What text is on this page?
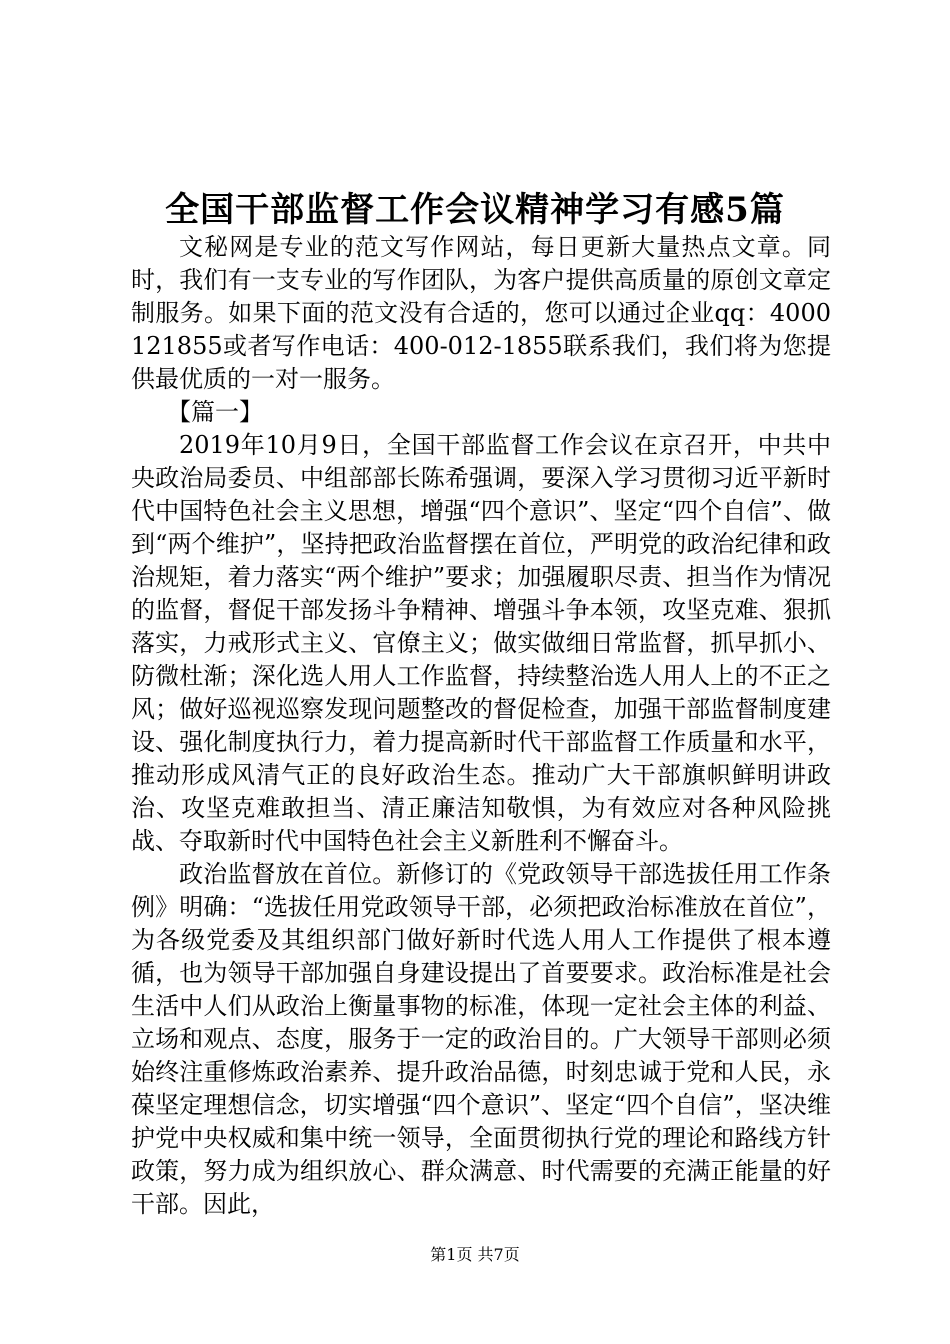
全国干部监督工作会议精神学习有感5篇

文秘网是专业的范文写作网站，每日更新大量热点文章。同时，我们有一支专业的写作团队，为客户提供高质量的原创文章定制服务。如果下面的范文没有合适的，您可以通过企业qq：4000121855或者写作电话：400-012-1855联系我们，我们将为您提供最优质的一对一服务。

【篇一】

2019年10月9日，全国干部监督工作会议在京召开，中共中央政治局委员、中组部部长陈希强调，要深入学习贯彻习近平新时代中国特色社会主义思想，增强“四个意识”、坚定“四个自信”、做到“两个维护”，坚持把政治监督摆在首位，严明党的政治纪律和政治规矩，着力落实“两个维护”要求；加强履职尽责、担当作为情况的监督，督促干部发扬斗争精神、增强斗争本领，攻坚克难、狠抓落实，力戒形式主义、官僚主义；做实做细日常监督，抓早抓小、防微杜渐；深化选人用人工作监督，持续整治选人用人上的不正之风；做好巡视巡察发现问题整改的督促检查，加强干部监督制度建设、强化制度执行力，着力提高新时代干部监督工作质量和水平，推动形成风清气正的良好政治生态。推动广大干部旗帜鲜明讲政治、攻坚克难敢担当、清正廉洁知敬惧，为有效应对各种风险挑战、夺取新时代中国特色社会主义新胜利不懈奋斗。

政治监督放在首位。新修订的《党政领导干部选拔任用工作条例》明确：“选拔任用党政领导干部，必须把政治标准放在首位”，为各级党委及其组织部门做好新时代选人用人工作提供了根本遵循，也为领导干部加强自身建设提出了首要要求。政治标准是社会生活中人们从政治上衡量事物的标准，体现一定社会主体的利益、立场和观点、态度，服务于一定的政治目的。广大领导干部则必须始终注重修炼政治素养、提升政治品德，时刻忠诚于党和人民，永葆坚定理想信念，切实增强“四个意识”、坚定“四个自信”，坚决维护党中央权威和集中统一领导，全面贯彻执行党的理论和路线方针政策，努力成为组织放心、群众满意、时代需要的充满正能量的好干部。因此，

第1页 共7页
